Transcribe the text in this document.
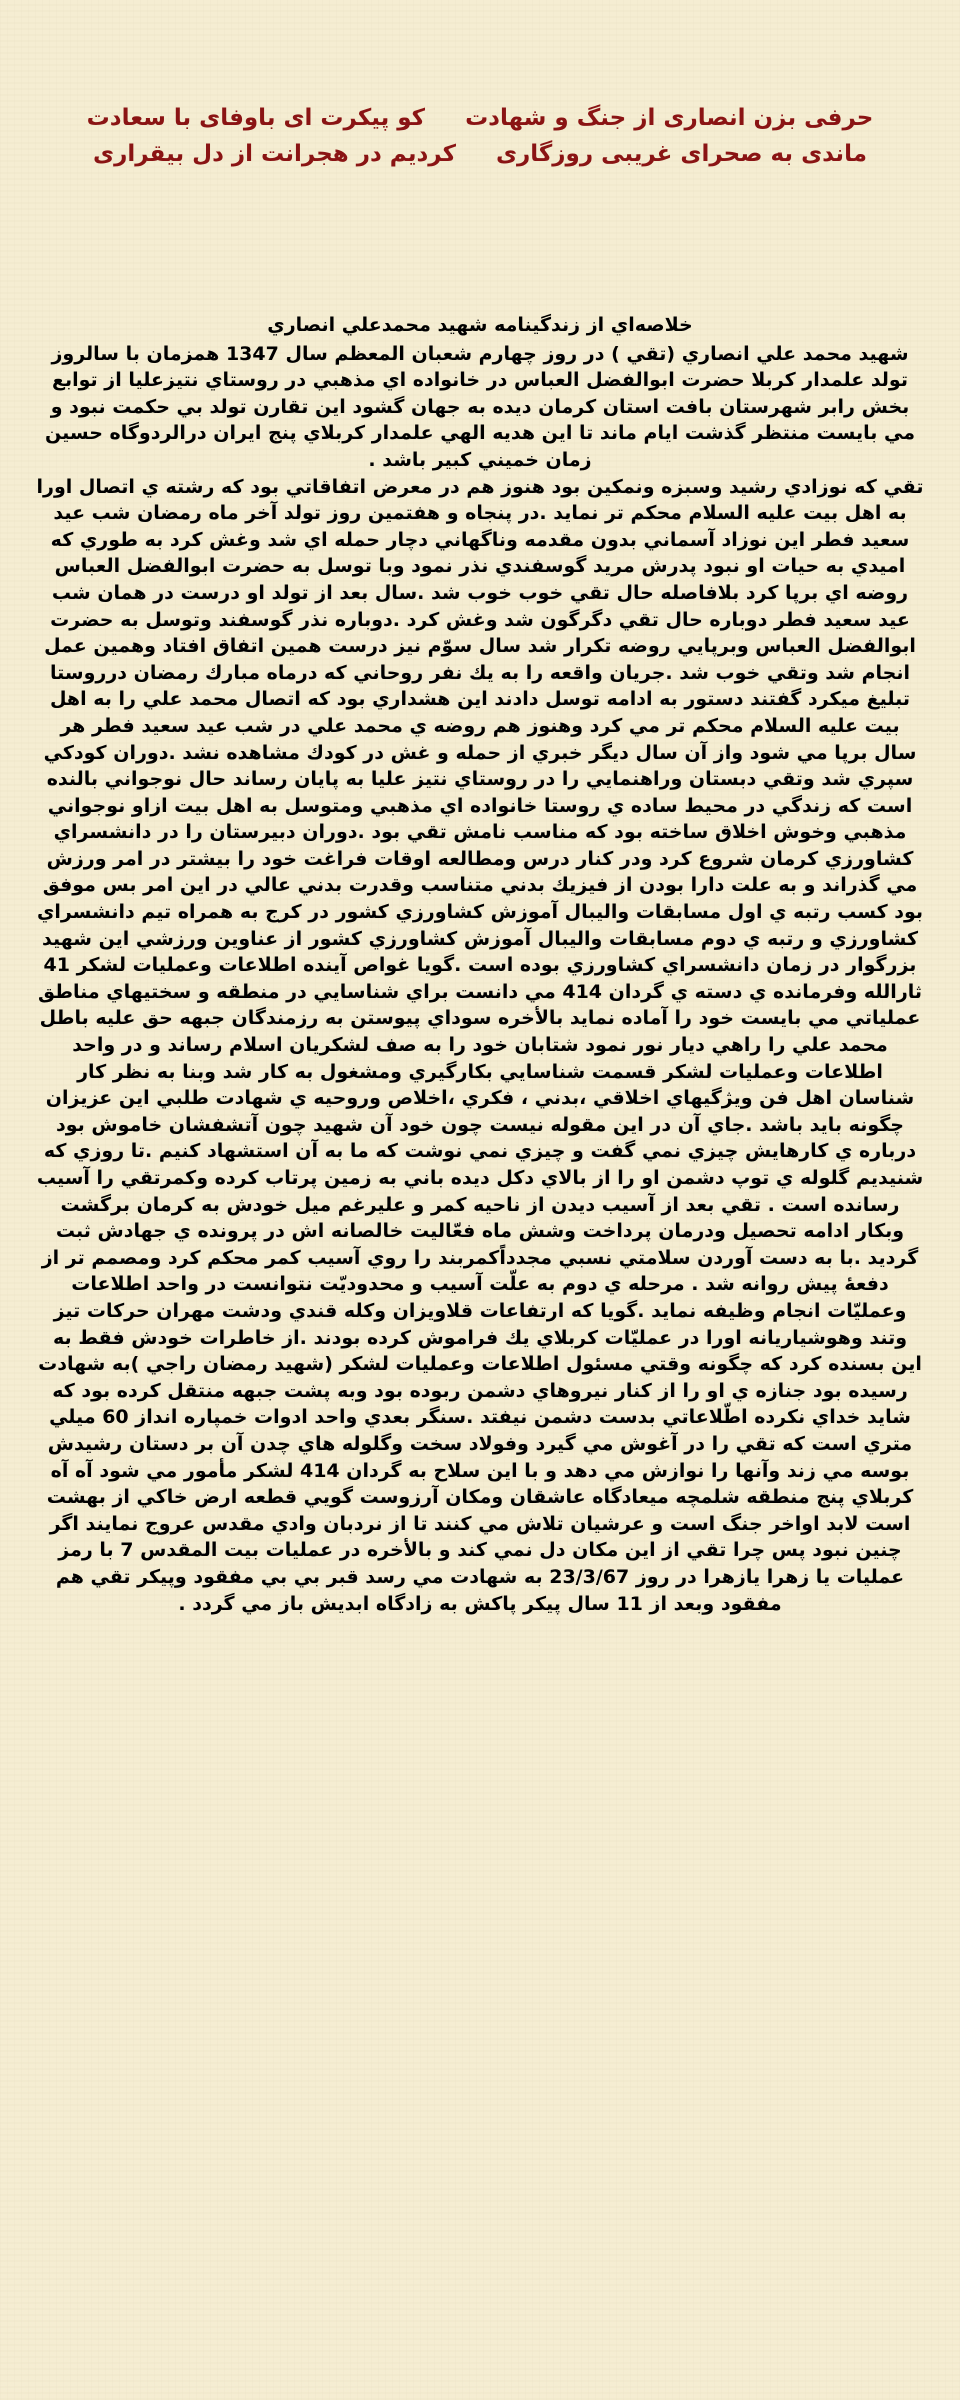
حرفی بزن انصاری از جنگ و شهادتکو پیکرت ای باوفای با سعادت
ماندی به صحرای غریبی روزگاریکردیم در هجرانت از دل بیقراری
خلاصه‌اي از زندگينامه شهيد محمدعلي انصاري

شهيد محمد علي انصاري (تقي ) در روز چهارم شعبان المعظم سال 1347 همزمان با سالروز تولد علمدار كربلا حضرت ابوالفضل العباس در خانواده اي مذهبي در روستاي نتيزعليا از توابع بخش رابر شهرستان بافت استان كرمان ديده به جهان گشود اين تقارن تولد بي حكمت نبود و مي بايست منتظر گذشت ايام ماند تا اين هديه الهي علمدار كربلاي پنج ايران درالردوگاه حسين زمان خميني كبير باشد .

تقي كه نوزادي رشيد وسبزه ونمكين بود هنوز هم در معرض اتفاقاتي بود كه رشته ي اتصال اورا به اهل بيت عليه السلام محكم تر نمايد .در پنجاه و هفتمين روز تولد آخر ماه رمضان شب عيد سعيد فطر اين نوزاد آسماني بدون مقدمه وناگهاني دچار حمله اي شد وغش كرد به طوري كه اميدي به حيات او نبود پدرش مريد گوسفندي نذر نمود وبا توسل به حضرت ابوالفضل العباس روضه اي برپا كرد بلافاصله حال تقي خوب خوب شد .سال بعد از تولد او درست در همان شب عيد سعيد فطر دوباره حال تقي دگرگون شد وغش كرد .دوباره نذر گوسفند وتوسل به حضرت ابوالفضل العباس وبرپايي روضه تكرار شد سال سوّم نيز درست همين اتفاق افتاد وهمين عمل انجام شد وتقي خوب شد .جريان واقعه را به يك نفر روحاني كه درماه مبارك رمضان درروستا تبليغ ميكرد گفتند دستور به ادامه توسل دادند اين هشداري بود كه اتصال محمد علي را به اهل بيت عليه السلام محكم تر مي كرد وهنوز هم روضه ي محمد علي در شب عيد سعيد فطر هر سال برپا مي شود واز آن سال ديگر خبري از حمله و غش در كودك مشاهده نشد .دوران كودكي سپري شد وتقي دبستان وراهنمايي را در روستاي نتيز عليا به پايان رساند حال نوجواني بالنده است كه زندگي در محيط ساده ي روستا خانواده اي مذهبي ومتوسل به اهل بيت ازاو نوجواني مذهبي وخوش اخلاق ساخته بود كه مناسب نامش تقي بود .دوران دبيرستان را در دانشسراي كشاورزي كرمان شروع كرد ودر كنار درس ومطالعه اوقات فراغت خود را بيشتر در امر ورزش مي گذراند و به علت دارا بودن از فيزيك بدني متناسب وقدرت بدني عالي در اين امر بس موفق بود كسب رتبه ي اول مسابقات واليبال آموزش كشاورزي كشور در كرج به همراه تيم دانشسراي كشاورزي و رتبه ي دوم مسابقات واليبال آموزش كشاورزي كشور از عناوين ورزشي اين شهيد بزرگوار در زمان دانشسراي كشاورزي بوده است .گويا غواص آينده اطلاعات وعمليات لشكر 41 ثارالله وفرمانده ي دسته ي گردان 414 مي دانست براي شناسايي در منطقه و سختيهاي مناطق عملياتي مي بايست خود را آماده نمايد بالأخره سوداي پيوستن به رزمندگان جبهه حق عليه باطل محمد علي را راهي ديار نور نمود شتابان خود را به صف لشكريان اسلام رساند و در واحد اطلاعات وعمليات لشكر قسمت شناسايي بكارگيري ومشغول به كار شد وبنا به نظر كار شناسان اهل فن ويژگيهاي اخلاقي ،بدني ، فكري ،اخلاص وروحيه ي شهادت طلبي اين عزيزان چگونه بايد باشد .جاي آن در اين مقوله نيست چون خود آن شهيد چون آتشفشان خاموش بود درباره ي كارهايش چيزي نمي گفت و چيزي نمي نوشت كه ما به آن استشهاد كنيم .تا روزي كه شنيديم گلوله ي توپ دشمن او را از بالاي دكل ديده باني به زمين پرتاب كرده وكمرتقي را آسيب رسانده است . تقي بعد از آسيب ديدن از ناحيه كمر و عليرغم ميل خودش به كرمان برگشت وبكار ادامه تحصيل ودرمان پرداخت وشش ماه فعّاليت خالصانه اش در پرونده ي جهادش ثبت گرديد .با به دست آوردن سلامتي نسبي مجدداًكمربند را روي آسيب كمر محكم كرد ومصمم تر از دفعهٔ پيش روانه شد . مرحله ي دوم به علّت آسيب و محدوديّت نتوانست در واحد اطلاعات وعمليّات انجام وظيفه نمايد .گويا كه ارتفاعات قلاويزان وكله قندي ودشت مهران حركات تيز وتند وهوشياريانه اورا در عمليّات كربلاي يك فراموش كرده بودند .از خاطرات خودش فقط به اين بسنده كرد كه چگونه وقتي مسئول اطلاعات وعمليات لشكر (شهيد رمضان راجي )به شهادت رسيده بود جنازه ي او را از كنار نيروهاي دشمن ربوده بود وبه پشت جبهه منتقل كرده بود كه شايد خداي نكرده اطّلاعاتي بدست دشمن نيفتد .سنگر بعدي واحد ادوات خمپاره انداز 60 ميلي متري است كه تقي را در آغوش مي گيرد وفولاد سخت وگلوله هاي چدن آن بر دستان رشيدش بوسه مي زند وآنها را نوازش مي دهد و با اين سلاح به گردان 414 لشكر مأمور مي شود آه آه كربلاي پنج منطقه شلمچه ميعادگاه عاشقان ومكان آرزوست گويي قطعه ارض خاكي از بهشت است لابد اواخر جنگ است و عرشيان تلاش مي كنند تا از نردبان وادي مقدس عروج نمايند اگر چنين نبود پس چرا تقي از اين مكان دل نمي كند و بالأخره در عمليات بيت المقدس 7 با رمز عمليات يا زهرا يازهرا در روز 23/3/67 به شهادت مي رسد قبر بي بي مفقود وپيكر تقي هم مفقود وبعد از 11 سال پيكر پاكش به زادگاه ابديش باز مي گردد .
